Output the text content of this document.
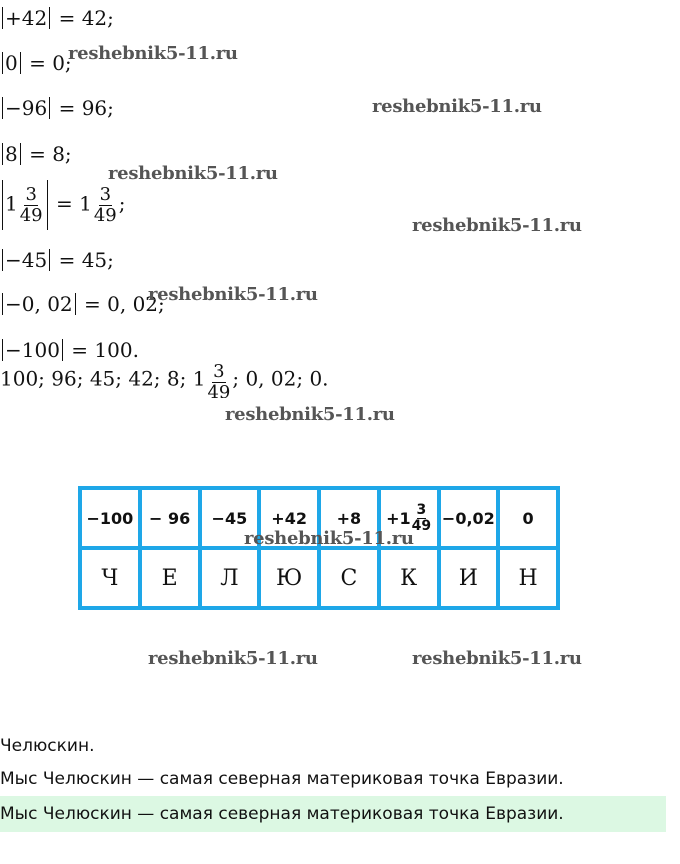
+42 = 42;
0 = 0;
−96 = 96;
8 = 8;
$1 \frac{3}{49} = 1 \frac{3}{49}$ ;
−45 = 45;
−0, 02 = 0, 02;
−100 = 100.
100; 96; 45; 42; 8; $1 \frac{3}{49}$ ; 0, 02; 0.
$-100 - 96 -45 +42 +8 +1 \frac{3}{49} -0,02$ 0
Ч Е Л Ю С К И Н
reshebnik5-11.ru
reshebnik5-11.ru
reshebnik5-11.ru
reshebnik5-11.ru
reshebnik5-11.ru
reshebnik5-11.ru
reshebnik5-11.ru
reshebnik5-11.ru	reshebnik5-11.ru
Челюскин.
Мыс Челюскин — самая северная материковая точка Евразии.
Мыс Челюскин — самая северная материковая точка Евразии.
